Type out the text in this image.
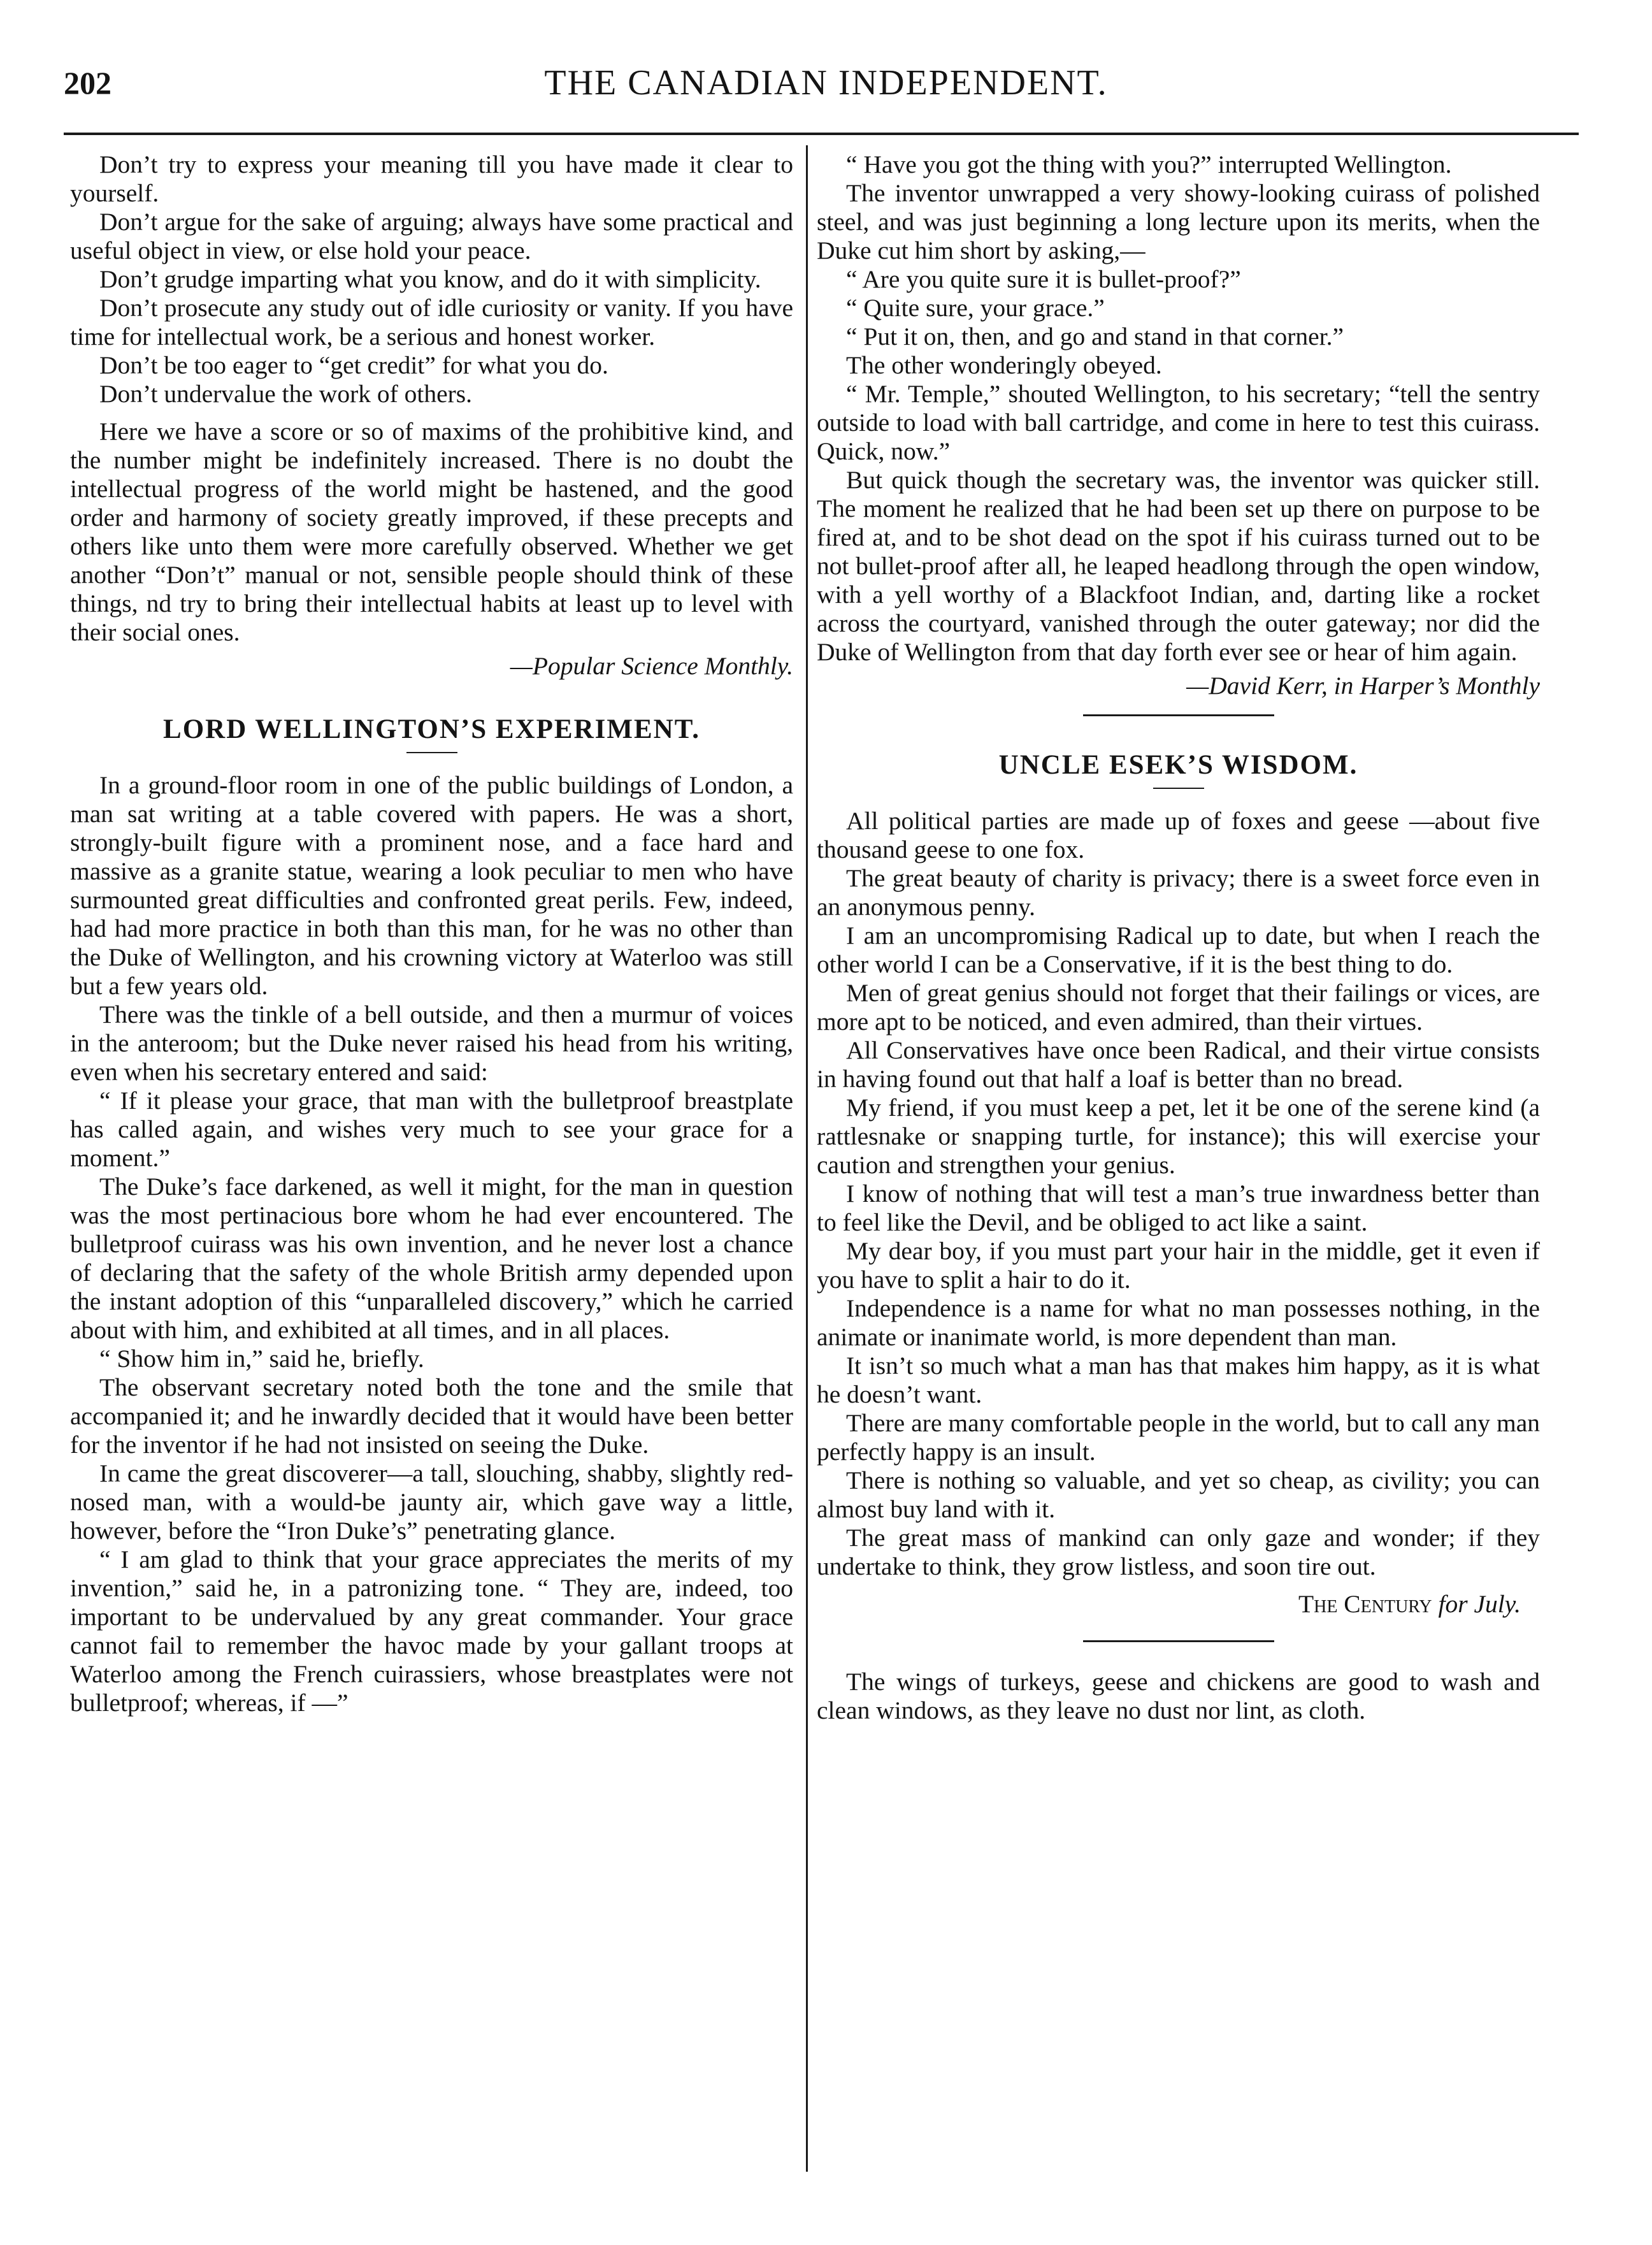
202	THE CANADIAN INDEPENDENT.

Don’t try to express your meaning till you have made it clear to yourself.

Don’t argue for the sake of arguing; always have some practical and useful object in view, or else hold your peace.

Don’t grudge imparting what you know, and do it with simplicity.

Don’t prosecute any study out of idle curiosity or vanity. If you have time for intellectual work, be a serious and honest worker.

Don’t be too eager to “get credit” for what you do.

Don’t undervalue the work of others.

Here we have a score or so of maxims of the prohibitive kind, and the number might be indefinitely increased. There is no doubt the intellectual progress of the world might be hastened, and the good order and harmony of society greatly improved, if these precepts and others like unto them were more carefully observed. Whether we get another “Don’t” manual or not, sensible people should think of these things, nd try to bring their intellectual habits at least up to level with their social ones.

—Popular Science Monthly.

LORD WELLINGTON’S EXPERIMENT.

In a ground-floor room in one of the public buildings of London, a man sat writing at a table covered with papers. He was a short, strongly-built figure with a prominent nose, and a face hard and massive as a granite statue, wearing a look peculiar to men who have surmounted great difficulties and confronted great perils. Few, indeed, had had more practice in both than this man, for he was no other than the Duke of Wellington, and his crowning victory at Waterloo was still but a few years old.

There was the tinkle of a bell outside, and then a murmur of voices in the anteroom; but the Duke never raised his head from his writing, even when his secretary entered and said:

“ If it please your grace, that man with the bulletproof breastplate has called again, and wishes very much to see your grace for a moment.”

The Duke’s face darkened, as well it might, for the man in question was the most pertinacious bore whom he had ever encountered. The bulletproof cuirass was his own invention, and he never lost a chance of declaring that the safety of the whole British army depended upon the instant adoption of this “unparalleled discovery,” which he carried about with him, and exhibited at all times, and in all places.

“ Show him in,” said he, briefly.

The observant secretary noted both the tone and the smile that accompanied it; and he inwardly decided that it would have been better for the inventor if he had not insisted on seeing the Duke.

In came the great discoverer—a tall, slouching, shabby, slightly red-nosed man, with a would-be jaunty air, which gave way a little, however, before the “Iron Duke’s” penetrating glance.

“ I am glad to think that your grace appreciates the merits of my invention,” said he, in a patronizing tone. “ They are, indeed, too important to be undervalued by any great commander. Your grace cannot fail to remember the havoc made by your gallant troops at Waterloo among the French cuirassiers, whose breastplates were not bulletproof; whereas, if —”

“ Have you got the thing with you?” interrupted Wellington.

The inventor unwrapped a very showy-looking cuirass of polished steel, and was just beginning a long lecture upon its merits, when the Duke cut him short by asking,—

“ Are you quite sure it is bullet-proof?”

“ Quite sure, your grace.”

“ Put it on, then, and go and stand in that corner.”

The other wonderingly obeyed.

“ Mr. Temple,” shouted Wellington, to his secretary; “tell the sentry outside to load with ball cartridge, and come in here to test this cuirass. Quick, now.”

But quick though the secretary was, the inventor was quicker still. The moment he realized that he had been set up there on purpose to be fired at, and to be shot dead on the spot if his cuirass turned out to be not bullet-proof after all, he leaped headlong through the open window, with a yell worthy of a Blackfoot Indian, and, darting like a rocket across the courtyard, vanished through the outer gateway; nor did the Duke of Wellington from that day forth ever see or hear of him again.

—David Kerr, in Harper’s Monthly

UNCLE ESEK’S WISDOM.

All political parties are made up of foxes and geese —about five thousand geese to one fox.

The great beauty of charity is privacy; there is a sweet force even in an anonymous penny.

I am an uncompromising Radical up to date, but when I reach the other world I can be a Conservative, if it is the best thing to do.

Men of great genius should not forget that their failings or vices, are more apt to be noticed, and even admired, than their virtues.

All Conservatives have once been Radical, and their virtue consists in having found out that half a loaf is better than no bread.

My friend, if you must keep a pet, let it be one of the serene kind (a rattlesnake or snapping turtle, for instance); this will exercise your caution and strengthen your genius.

I know of nothing that will test a man’s true inwardness better than to feel like the Devil, and be obliged to act like a saint.

My dear boy, if you must part your hair in the middle, get it even if you have to split a hair to do it.

Independence is a name for what no man possesses nothing, in the animate or inanimate world, is more dependent than man.

It isn’t so much what a man has that makes him happy, as it is what he doesn’t want.

There are many comfortable people in the world, but to call any man perfectly happy is an insult.

There is nothing so valuable, and yet so cheap, as civility; you can almost buy land with it.

The great mass of mankind can only gaze and wonder; if they undertake to think, they grow listless, and soon tire out.

The Century for July.

The wings of turkeys, geese and chickens are good to wash and clean windows, as they leave no dust nor lint, as cloth.
